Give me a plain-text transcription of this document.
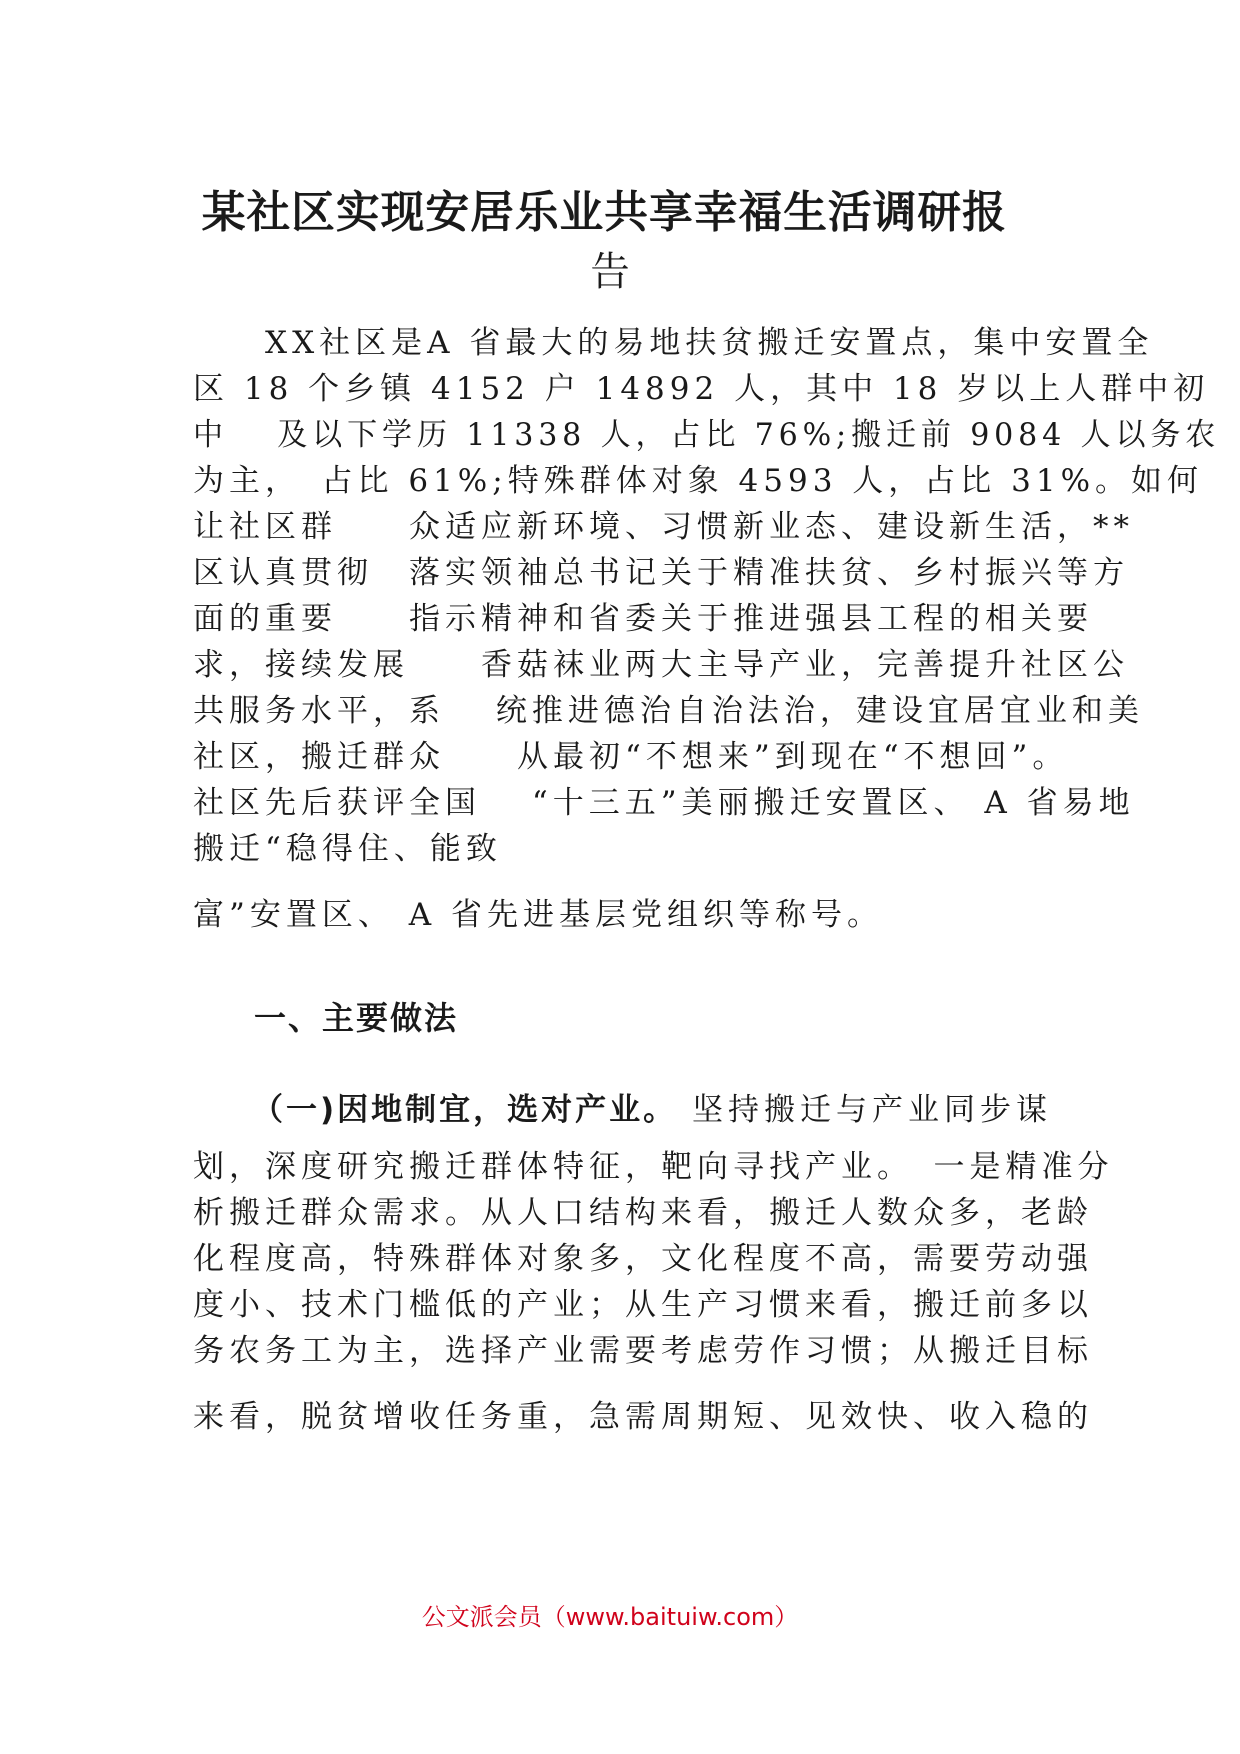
某社区实现安居乐业共享幸福生活调研报
告
　　XX社区是A 省最大的易地扶贫搬迁安置点，集中安置全
区 18 个乡镇 4152 户 14892 人，其中 18 岁以上人群中初
中　 及以下学历 11338 人，占比 76%;搬迁前 9084 人以务农
为主，　占比 61%;特殊群体对象 4593 人，占比 31%。如何
让社区群　　众适应新环境、习惯新业态、建设新生活，**
区认真贯彻　落实领袖总书记关于精准扶贫、乡村振兴等方
面的重要　　指示精神和省委关于推进强县工程的相关要
求，接续发展　　香菇袜业两大主导产业，完善提升社区公
共服务水平，系　 统推进德治自治法治，建设宜居宜业和美
社区，搬迁群众　　从最初“不想来”到现在“不想回”。
社区先后获评全国　 “十三五”美丽搬迁安置区、 A 省易地
搬迁“稳得住、能致
富”安置区、 A 省先进基层党组织等称号。
一、主要做法
（一)因地制宜，选对产业。 坚持搬迁与产业同步谋
划，深度研究搬迁群体特征，靶向寻找产业。　一是精准分
析搬迁群众需求。从人口结构来看，搬迁人数众多，老龄
化程度高，特殊群体对象多，文化程度不高，需要劳动强
度小、技术门槛低的产业；从生产习惯来看，搬迁前多以
务农务工为主，选择产业需要考虑劳作习惯；从搬迁目标
来看，脱贫增收任务重，急需周期短、见效快、收入稳的
公文派会员（www.baituiw.com）
